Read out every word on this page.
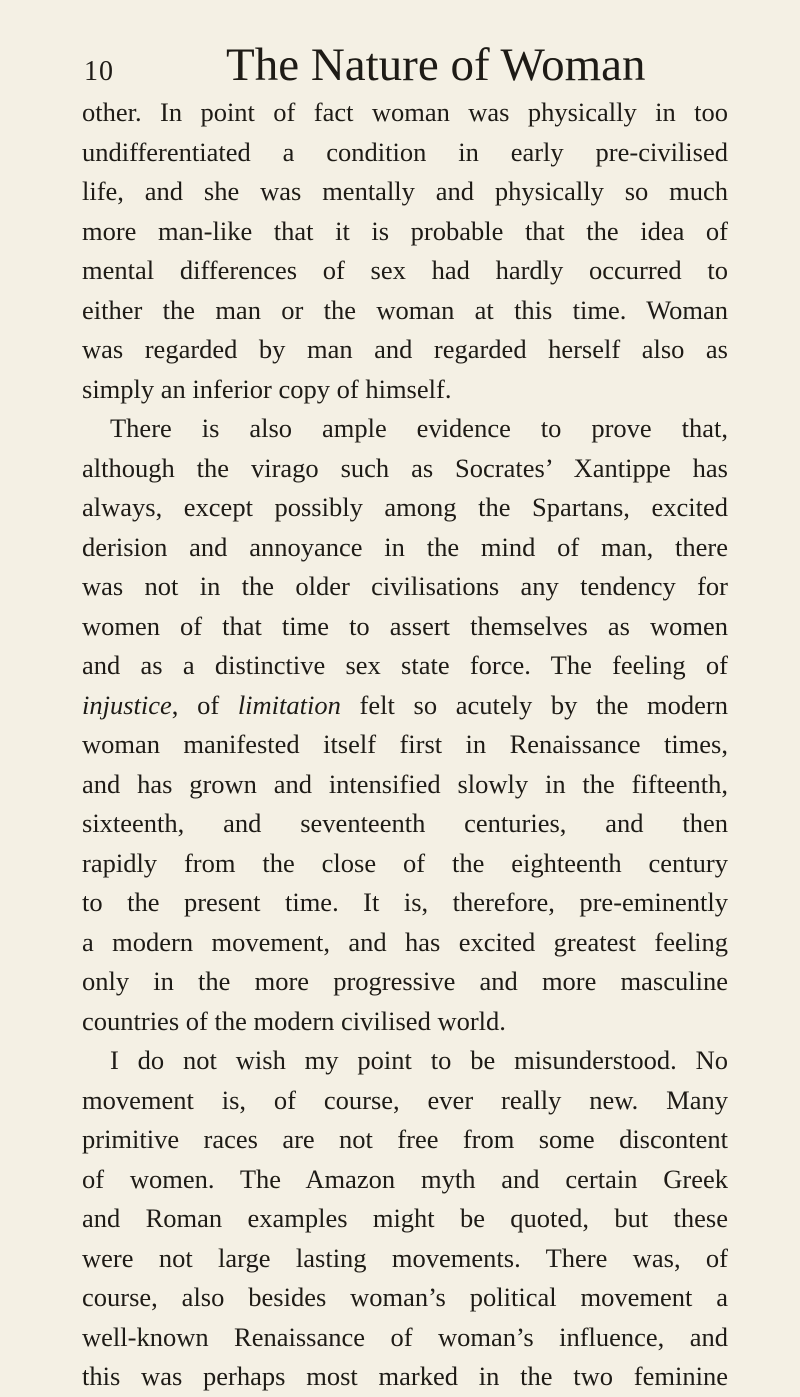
10 The Nature of Woman
other. In point of fact woman was physically in too
undifferentiated a condition in early pre-civilised
life, and she was mentally and physically so much
more man-like that it is probable that the idea of
mental differences of sex had hardly occurred to
either the man or the woman at this time. Woman
was regarded by man and regarded herself also as
simply an inferior copy of himself.
There is also ample evidence to prove that,
although the virago such as Socrates’ Xantippe has
always, except possibly among the Spartans, excited
derision and annoyance in the mind of man, there
was not in the older civilisations any tendency for
women of that time to assert themselves as women
and as a distinctive sex state force. The feeling of
injustice, of limitation felt so acutely by the modern
woman manifested itself first in Renaissance times,
and has grown and intensified slowly in the fifteenth,
sixteenth, and seventeenth centuries, and then
rapidly from the close of the eighteenth century
to the present time. It is, therefore, pre-eminently
a modern movement, and has excited greatest feeling
only in the more progressive and more masculine
countries of the modern civilised world.
I do not wish my point to be misunderstood. No
movement is, of course, ever really new. Many
primitive races are not free from some discontent
of women. The Amazon myth and certain Greek
and Roman examples might be quoted, but these
were not large lasting movements. There was, of
course, also besides woman’s political movement a
well-known Renaissance of woman’s influence, and
this was perhaps most marked in the two feminine
